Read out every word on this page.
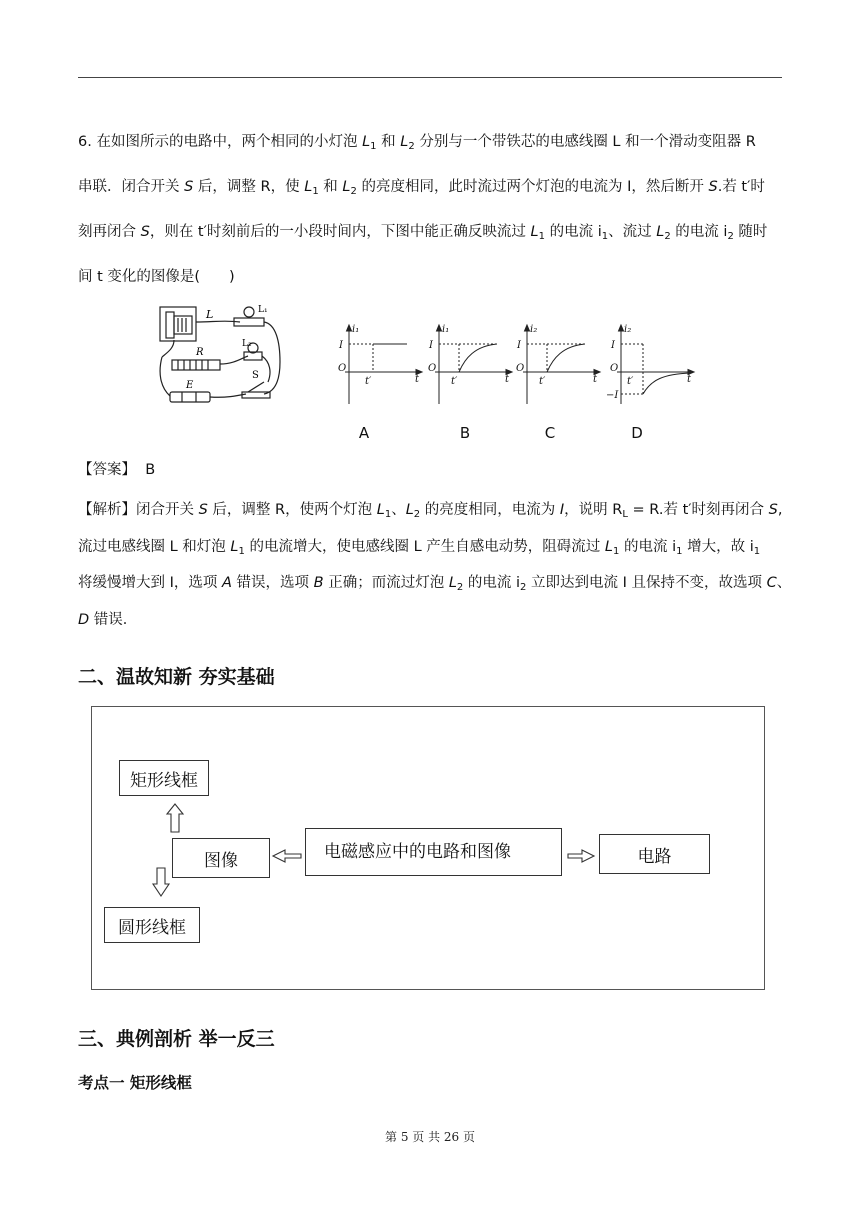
6. 在如图所示的电路中，两个相同的小灯泡 $L_1$ 和 $L_2$ 分别与一个带铁芯的电感线圈 L 和一个滑动变阻器 R
串联．闭合开关 S 后，调整 R，使 $L_1$ 和 $L_2$ 的亮度相同，此时流过两个灯泡的电流为 I，然后断开 S.若 t′时
刻再闭合 S，则在 t′时刻前后的一小段时间内，下图中能正确反映流过 $L_1$ 的电流 $i_1$、流过 $L_2$ 的电流 $i_2$ 随时
间 t 变化的图像是(　　)
L	L₁
L₂
R
E
S
i₁
I
O
t′	t
i₁
I
O
t′	t
i₂
I
O
t′	t
i₂
I
O
t′	t
−I
A	B	C	D
【答案】 B
【解析】闭合开关 S 后，调整 R，使两个灯泡 $L_1$、$L_2$ 的亮度相同，电流为 I，说明 $R_L = R$.若 t′时刻再闭合 S,
流过电感线圈 L 和灯泡 $L_1$ 的电流增大，使电感线圈 L 产生自感电动势，阻碍流过 $L_1$ 的电流 $i_1$ 增大，故 $i_1$
将缓慢增大到 I，选项 A 错误，选项 B 正确；而流过灯泡 $L_2$ 的电流 $i_2$ 立即达到电流 I 且保持不变，故选项 C、
D 错误．
二、温故知新 夯实基础
矩形线框
图像	电磁感应中的电路和图像	电路
圆形线框
三、典例剖析 举一反三
考点一 矩形线框
第 5 页 共 26 页
